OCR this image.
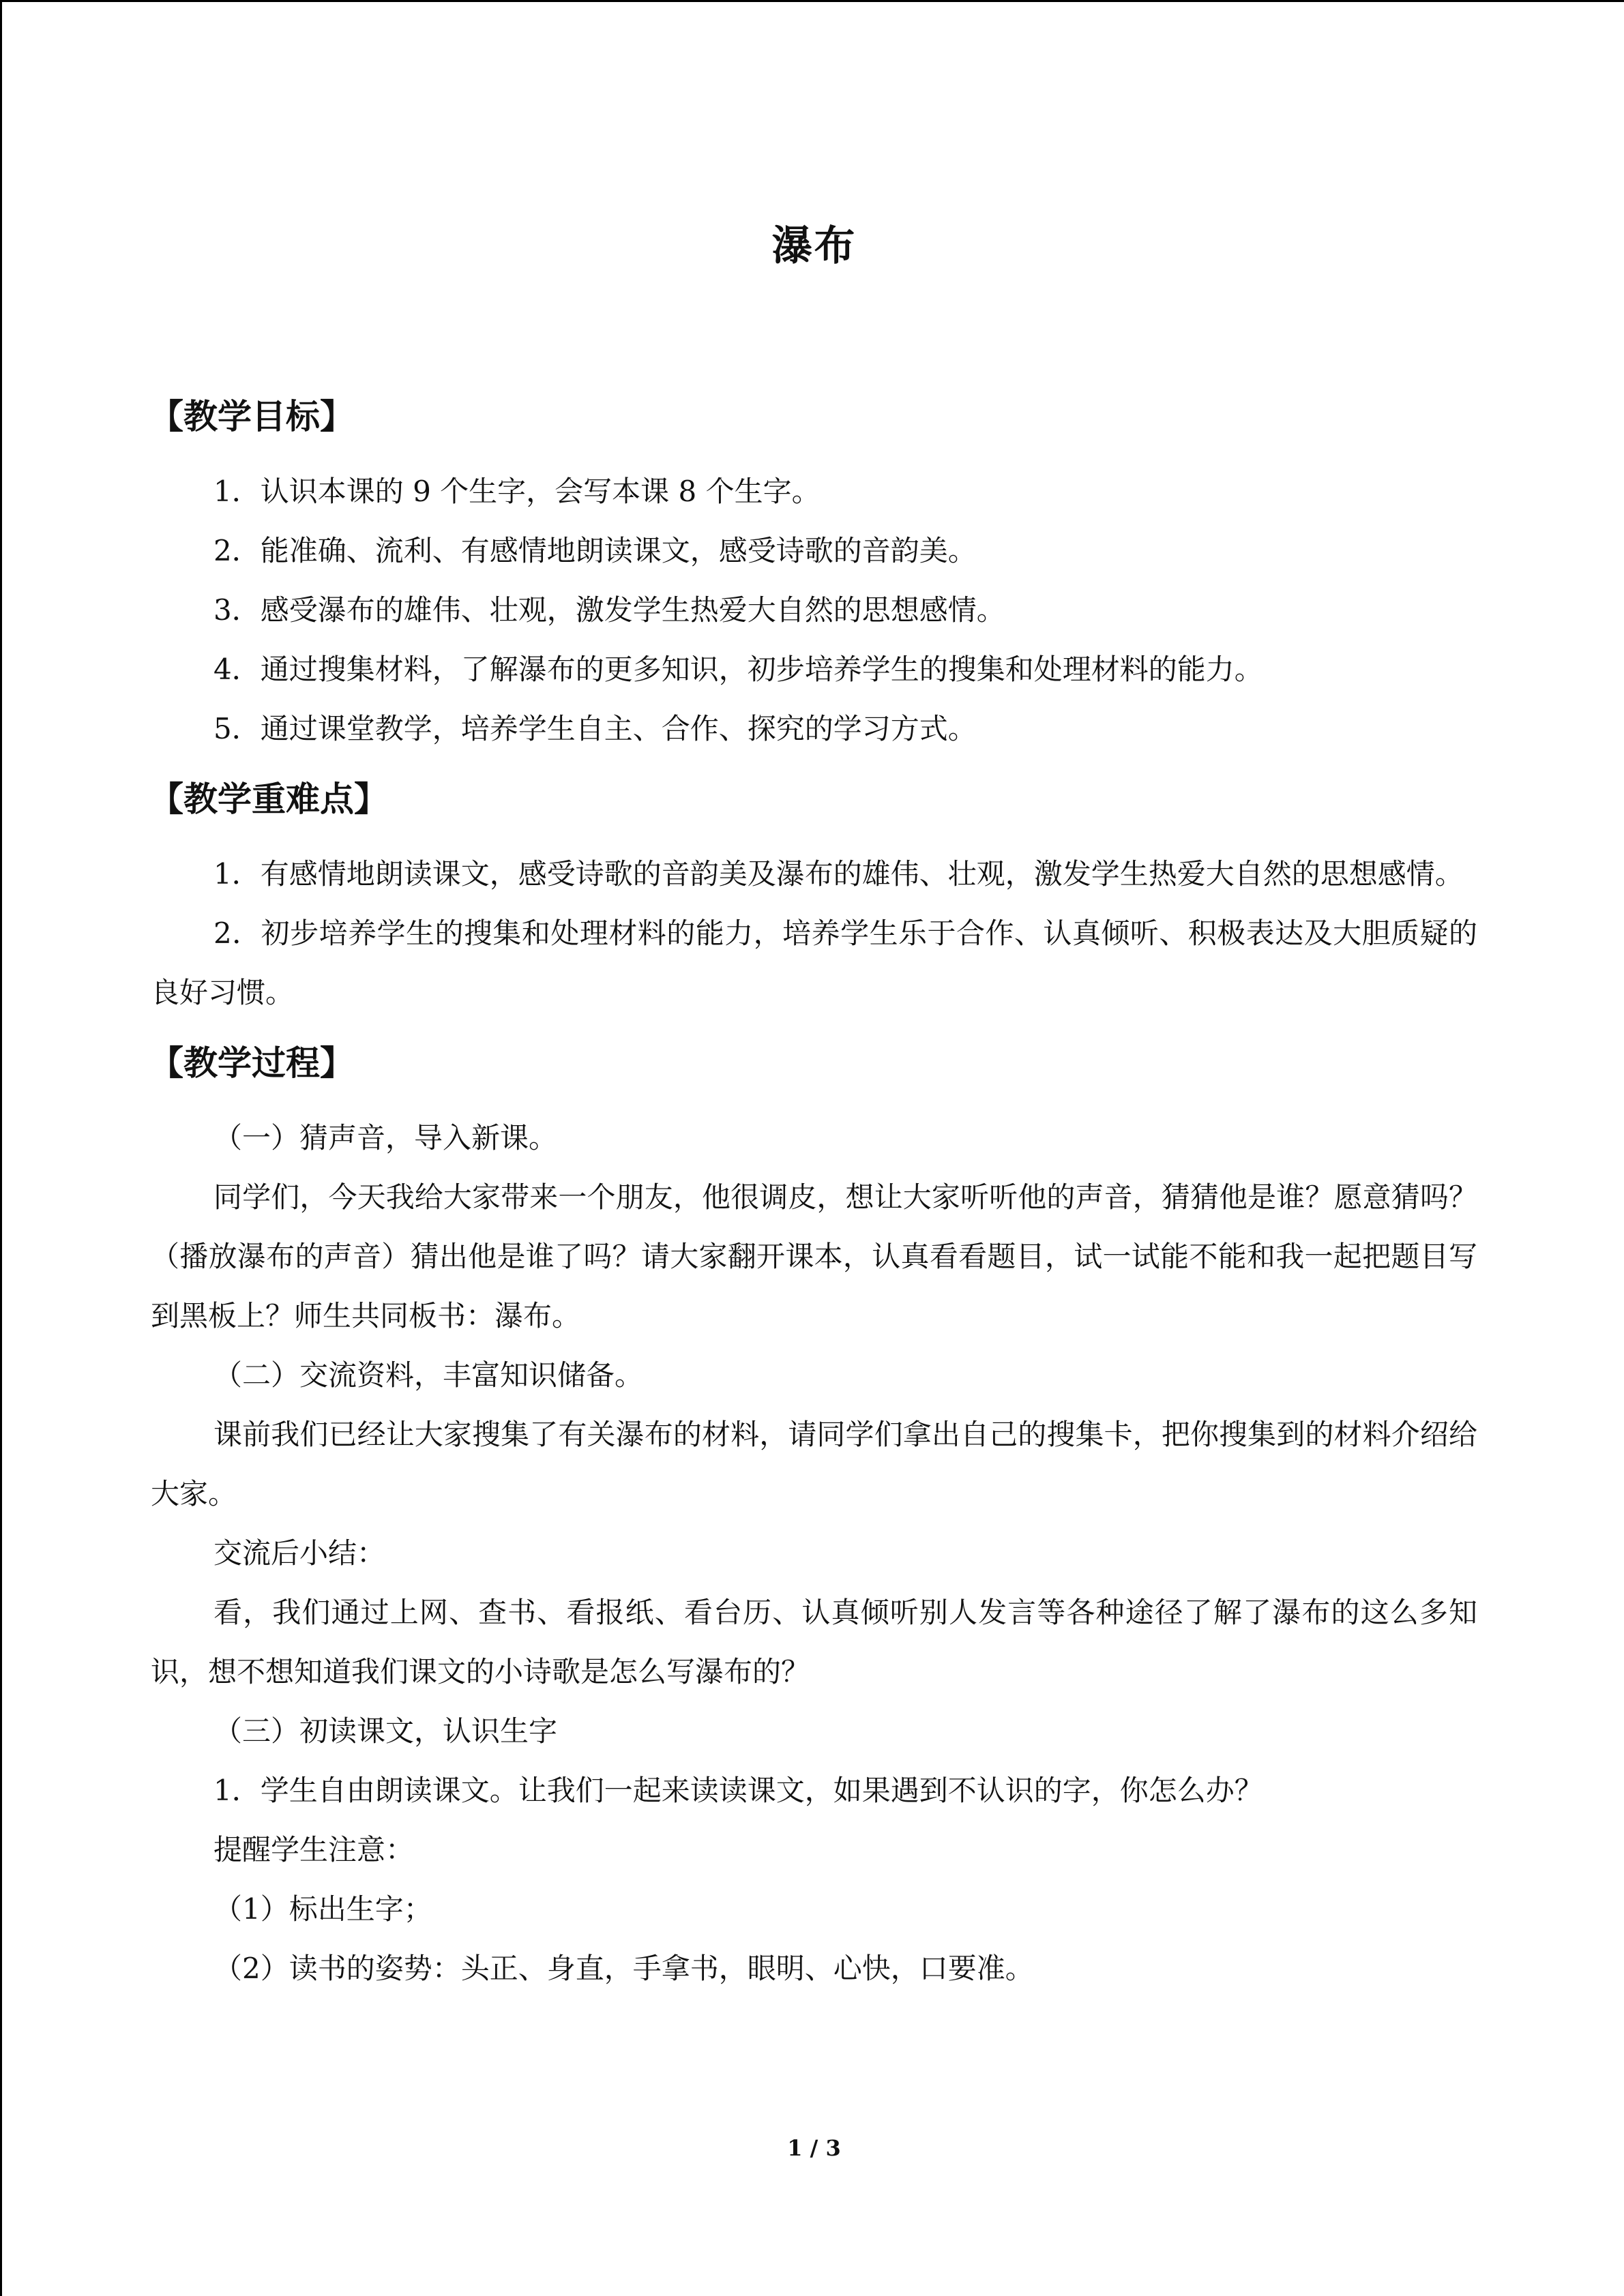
瀑布
【教学目标】

1．认识本课的 9 个生字，会写本课 8 个生字。

2．能准确、流利、有感情地朗读课文，感受诗歌的音韵美。

3．感受瀑布的雄伟、壮观，激发学生热爱大自然的思想感情。

4．通过搜集材料，了解瀑布的更多知识，初步培养学生的搜集和处理材料的能力。

5．通过课堂教学，培养学生自主、合作、探究的学习方式。

【教学重难点】

1．有感情地朗读课文，感受诗歌的音韵美及瀑布的雄伟、壮观，激发学生热爱大自然的思想感情。

2．初步培养学生的搜集和处理材料的能力，培养学生乐于合作、认真倾听、积极表达及大胆质疑的良好习惯。

【教学过程】

（一）猜声音，导入新课。

同学们，今天我给大家带来一个朋友，他很调皮，想让大家听听他的声音，猜猜他是谁？愿意猜吗？（播放瀑布的声音）猜出他是谁了吗？请大家翻开课本，认真看看题目，试一试能不能和我一起把题目写到黑板上？师生共同板书：瀑布。

（二）交流资料，丰富知识储备。

课前我们已经让大家搜集了有关瀑布的材料，请同学们拿出自己的搜集卡，把你搜集到的材料介绍给大家。

交流后小结：

看，我们通过上网、查书、看报纸、看台历、认真倾听别人发言等各种途径了解了瀑布的这么多知识，想不想知道我们课文的小诗歌是怎么写瀑布的？

（三）初读课文，认识生字

1．学生自由朗读课文。让我们一起来读读课文，如果遇到不认识的字，你怎么办？

提醒学生注意：

（1）标出生字；

（2）读书的姿势：头正、身直，手拿书，眼明、心快，口要准。

1 / 3
